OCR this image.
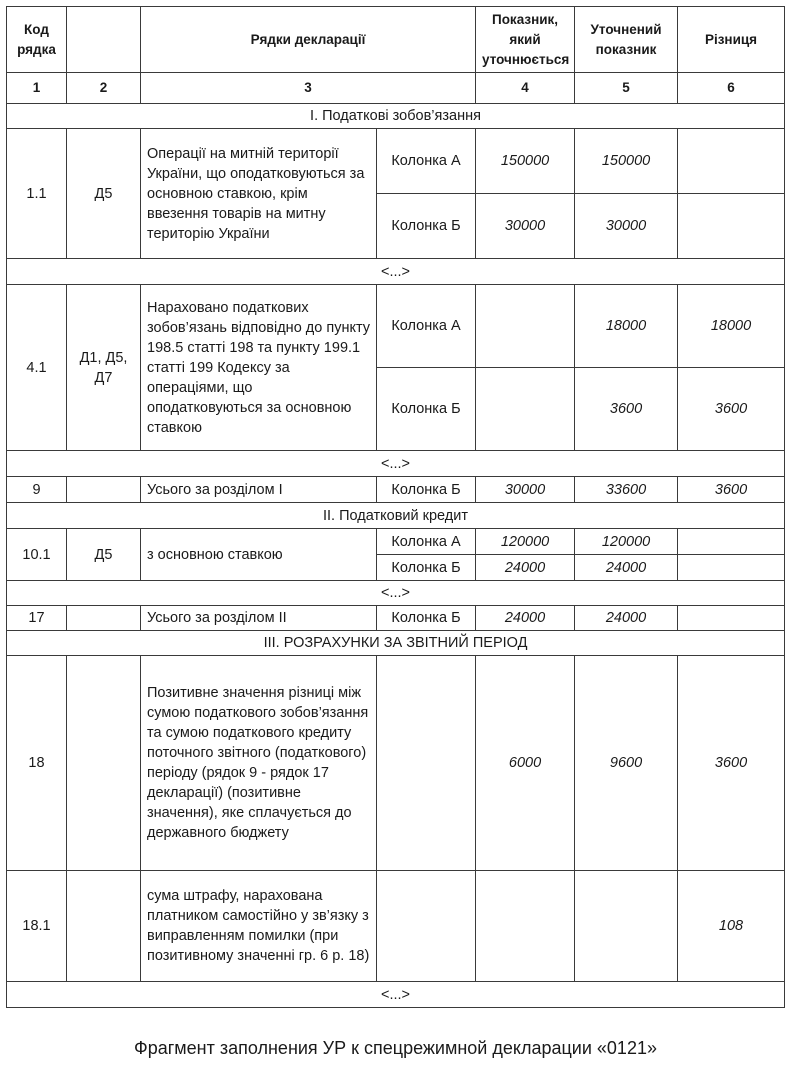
Код рядка		Рядки декларації		Показник, який уточнюється	Уточнений показник	Різниця
1	2	3		4	5	6
І. Податкові зобов’язання						
1.1	Д5	Операції на митній території України, що оподатковуються за основною ставкою, крім ввезення товарів на митну територію України	Колонка А	150000	150000	
			Колонка Б	30000	30000	
<...>						
4.1	Д1, Д5, Д7	Нараховано податкових зобов’язань відповідно до пункту 198.5 статті 198 та пункту 199.1 статті 199 Кодексу за операціями, що оподатковуються за основною ставкою	Колонка А		18000	18000
			Колонка Б		3600	3600
<...>						
9		Усього за розділом І	Колонка Б	30000	33600	3600
ІІ. Податковий кредит						
10.1	Д5	з основною ставкою	Колонка А	120000	120000	
			Колонка Б	24000	24000	
<...>						
17		Усього за розділом ІІ	Колонка Б	24000	24000	
ІІІ. РОЗРАХУНКИ ЗА ЗВІТНИЙ ПЕРІОД						
18		Позитивне значення різниці між сумою податкового зобов’язання та сумою податкового кредиту поточного звітного (податкового) періоду (рядок 9 - рядок 17 декларації) (позитивне значення), яке сплачується до державного бюджету		6000	9600	3600
18.1		сума штрафу, нарахована платником самостійно у зв’язку з виправленням помилки (при позитивному значенні гр. 6 р. 18)				108
<...>						
Фрагмент заполнения УР к спецрежимной декларации «0121»
